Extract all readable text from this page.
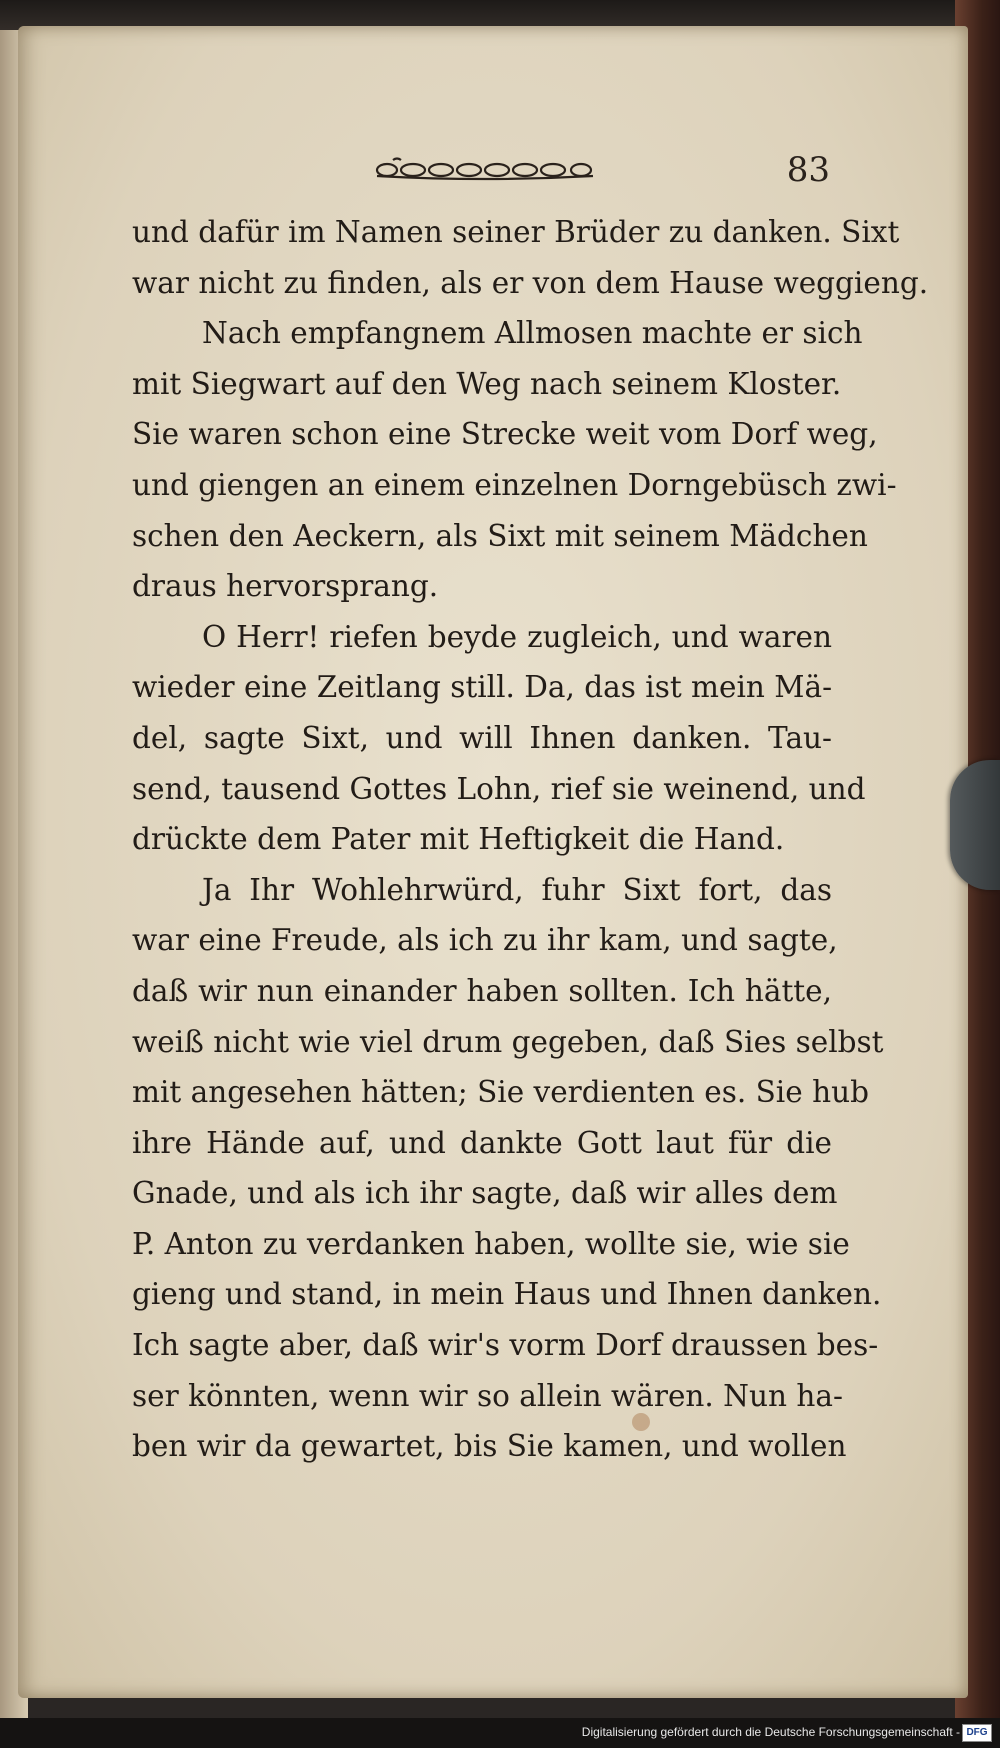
83
und dafür im Namen seiner Brüder zu danken. Sixt
war nicht zu finden, als er von dem Hause weggieng.
Nach empfangnem Allmosen machte er sich
mit Siegwart auf den Weg nach seinem Kloster.
Sie waren schon eine Strecke weit vom Dorf weg,
und giengen an einem einzelnen Dorngebüsch zwi-
schen den Aeckern, als Sixt mit seinem Mädchen
draus hervorsprang.
O Herr! riefen beyde zugleich, und waren
wieder eine Zeitlang still. Da, das ist mein Mä-
del, sagte Sixt, und will Ihnen danken. Tau-
send, tausend Gottes Lohn, rief sie weinend, und
drückte dem Pater mit Heftigkeit die Hand.
Ja Ihr Wohlehrwürd, fuhr Sixt fort, das
war eine Freude, als ich zu ihr kam, und sagte,
daß wir nun einander haben sollten. Ich hätte,
weiß nicht wie viel drum gegeben, daß Sies selbst
mit angesehen hätten; Sie verdienten es. Sie hub
ihre Hände auf, und dankte Gott laut für die
Gnade, und als ich ihr sagte, daß wir alles dem
P. Anton zu verdanken haben, wollte sie, wie sie
gieng und stand, in mein Haus und Ihnen danken.
Ich sagte aber, daß wir's vorm Dorf draussen bes-
ser könnten, wenn wir so allein wären. Nun ha-
ben wir da gewartet, bis Sie kamen, und wollen
Digitalisierung gefördert durch die Deutsche Forschungsgemeinschaft - DFG
